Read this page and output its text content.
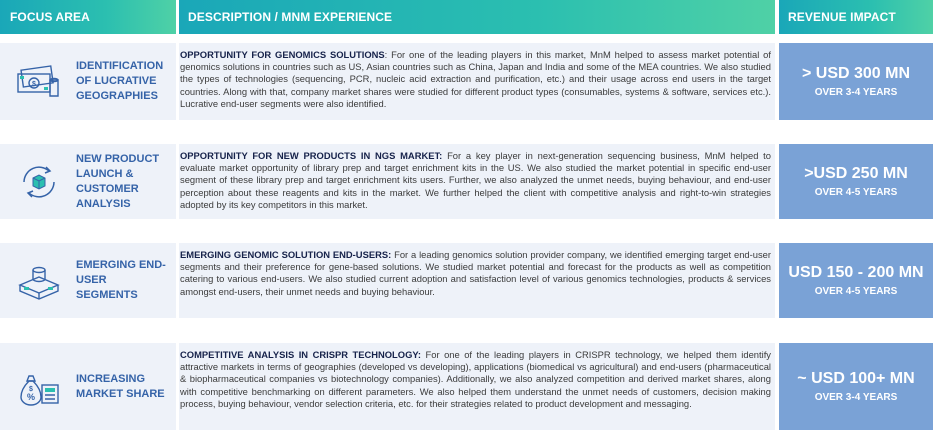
FOCUS AREA	DESCRIPTION / MNM EXPERIENCE	REVENUE IMPACT
$
IDENTIFICATION OF LUCRATIVE GEOGRAPHIES

OPPORTUNITY FOR GENOMICS SOLUTIONS: For one of the leading players in this market, MnM helped to assess market potential of genomics solutions in countries such as US, Asian countries such as China, Japan and India and some of the MEA countries. We also studied the types of technologies (sequencing, PCR, nucleic acid extraction and purification, etc.) and their usage across end users in the target countries. Along with that, company market shares were studied for different product types (consumables, systems & software, services etc.). Lucrative end-user segments were also identified.

> USD 300 MN
OVER 3-4 YEARS
NEW PRODUCT LAUNCH & CUSTOMER ANALYSIS

OPPORTUNITY FOR NEW PRODUCTS IN NGS MARKET: For a key player in next-generation sequencing business, MnM helped to evaluate market opportunity of library prep and target enrichment kits in the US. We also studied the market potential in specific end-user segment of these library prep and target enrichment kits users. Further, we also analyzed the unmet needs, buying behaviour, and end-user perception about these reagents and kits in the market. We further helped the client with competitive analysis and right-to-win strategies adopted by its key competitors in this market.

>USD 250 MN
OVER 4-5 YEARS
EMERGING END-USER SEGMENTS

EMERGING GENOMIC SOLUTION END-USERS: For a leading genomics solution provider company, we identified emerging target end-user segments and their preference for gene-based solutions. We studied market potential and forecast for the products as well as competition catering to various end-users. We also studied current adoption and satisfaction level of various genomics technologies, products & services amongst end-users, their unmet needs and buying behaviour.

USD 150 - 200 MN
OVER 4-5 YEARS
%
$
INCREASING MARKET SHARE

COMPETITIVE ANALYSIS IN CRISPR TECHNOLOGY: For one of the leading players in CRISPR technology, we helped them identify attractive markets in terms of geographies (developed vs developing), applications (biomedical vs agricultural) and end-users (pharmaceutical & biopharmaceutical companies vs biotechnology companies). Additionally, we also analyzed competition and derived market shares, along with competitive benchmarking on different parameters. We also helped them understand the unmet needs of customers, decision making process, buying behaviour, vendor selection criteria, etc. for their strategies related to product development and messaging.

~ USD 100+ MN
OVER 3-4 YEARS
